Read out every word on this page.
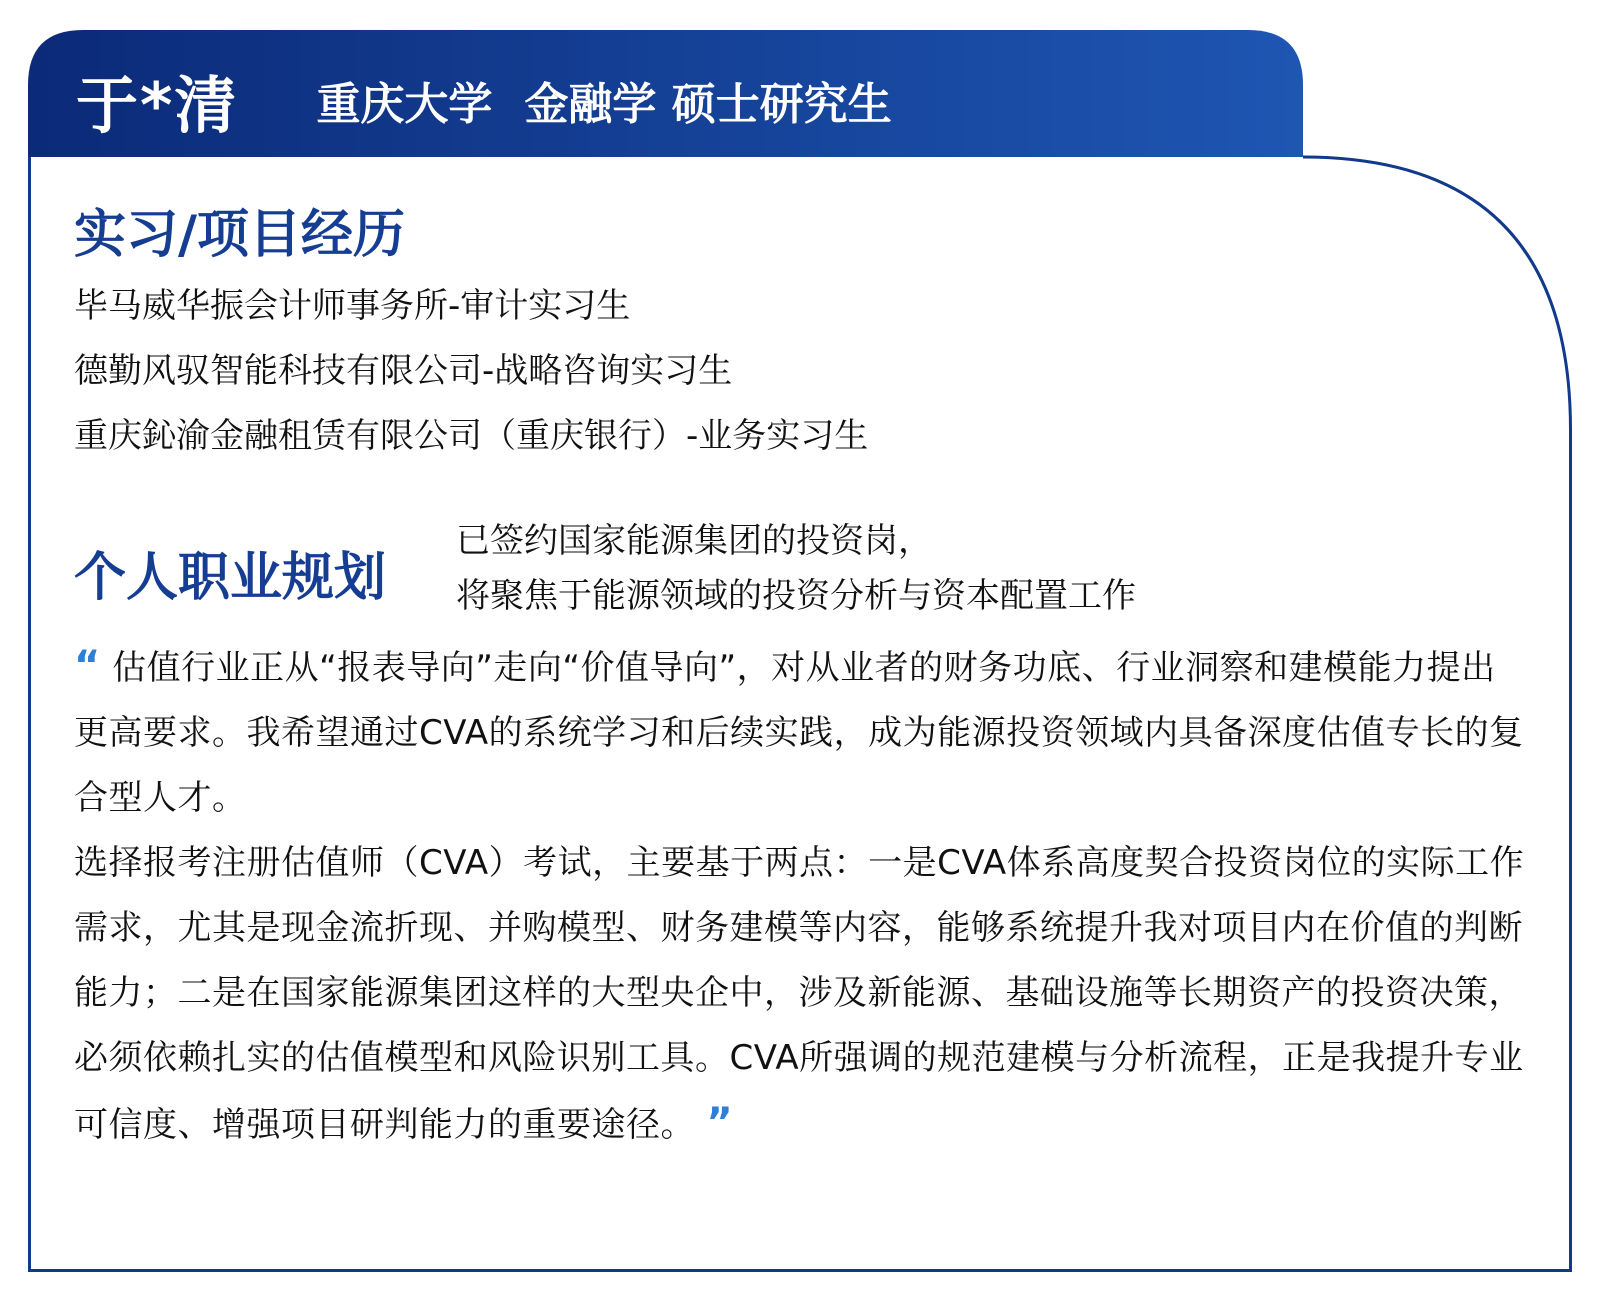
于*清 重庆大学 金融学 硕士研究生
实习/项目经历
毕马威华振会计师事务所-审计实习生
德勤风驭智能科技有限公司-战略咨询实习生
重庆鈊渝金融租赁有限公司（重庆银行）-业务实习生
个人职业规划
已签约国家能源集团的投资岗，
将聚焦于能源领域的投资分析与资本配置工作

“ 估值行业正从“报表导向”走向“价值导向”，对从业者的财务功底、行业洞察和建模能力提出更高要求。我希望通过CVA的系统学习和后续实践，成为能源投资领域内具备深度估值专长的复合型人才。

选择报考注册估值师（CVA）考试，主要基于两点：一是CVA体系高度契合投资岗位的实际工作需求，尤其是现金流折现、并购模型、财务建模等内容，能够系统提升我对项目内在价值的判断能力；二是在国家能源集团这样的大型央企中，涉及新能源、基础设施等长期资产的投资决策，必须依赖扎实的估值模型和风险识别工具。CVA所强调的规范建模与分析流程，正是我提升专业可信度、增强项目研判能力的重要途径。 ”
